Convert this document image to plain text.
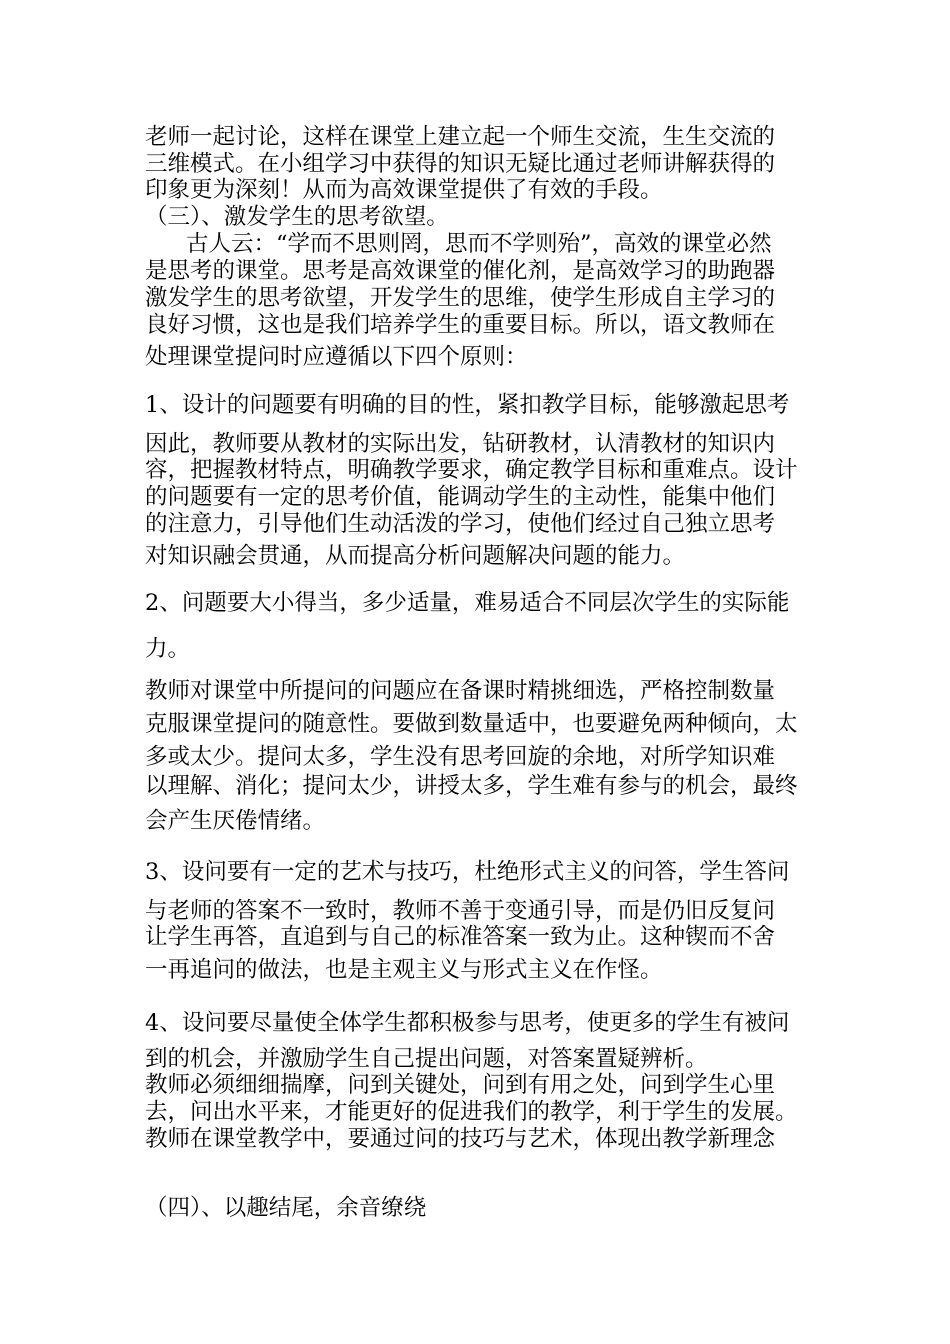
老师一起讨论，这样在课堂上建立起一个师生交流，生生交流的
三维模式。在小组学习中获得的知识无疑比通过老师讲解获得的
印象更为深刻！从而为高效课堂提供了有效的手段。
（三）、激发学生的思考欲望。
古人云：“学而不思则罔，思而不学则殆”，高效的课堂必然
是思考的课堂。思考是高效课堂的催化剂，是高效学习的助跑器
激发学生的思考欲望，开发学生的思维，使学生形成自主学习的
良好习惯，这也是我们培养学生的重要目标。所以，语文教师在
处理课堂提问时应遵循以下四个原则：
1、设计的问题要有明确的目的性，紧扣教学目标，能够激起思考
因此，教师要从教材的实际出发，钻研教材，认清教材的知识内
容，把握教材特点，明确教学要求，确定教学目标和重难点。设计
的问题要有一定的思考价值，能调动学生的主动性，能集中他们
的注意力，引导他们生动活泼的学习，使他们经过自己独立思考
对知识融会贯通，从而提高分析问题解决问题的能力。
2、问题要大小得当，多少适量，难易适合不同层次学生的实际能
力。
教师对课堂中所提问的问题应在备课时精挑细选，严格控制数量
克服课堂提问的随意性。要做到数量适中，也要避免两种倾向，太
多或太少。提问太多，学生没有思考回旋的余地，对所学知识难
以理解、消化；提问太少，讲授太多，学生难有参与的机会，最终
会产生厌倦情绪。
3、设问要有一定的艺术与技巧，杜绝形式主义的问答，学生答问
与老师的答案不一致时，教师不善于变通引导，而是仍旧反复问
让学生再答，直追到与自己的标准答案一致为止。这种锲而不舍
一再追问的做法，也是主观主义与形式主义在作怪。
4、设问要尽量使全体学生都积极参与思考，使更多的学生有被问
到的机会，并激励学生自己提出问题，对答案置疑辨析。
教师必须细细揣摩，问到关键处，问到有用之处，问到学生心里
去，问出水平来，才能更好的促进我们的教学，利于学生的发展。
教师在课堂教学中，要通过问的技巧与艺术，体现出教学新理念
（四）、以趣结尾，余音缭绕
